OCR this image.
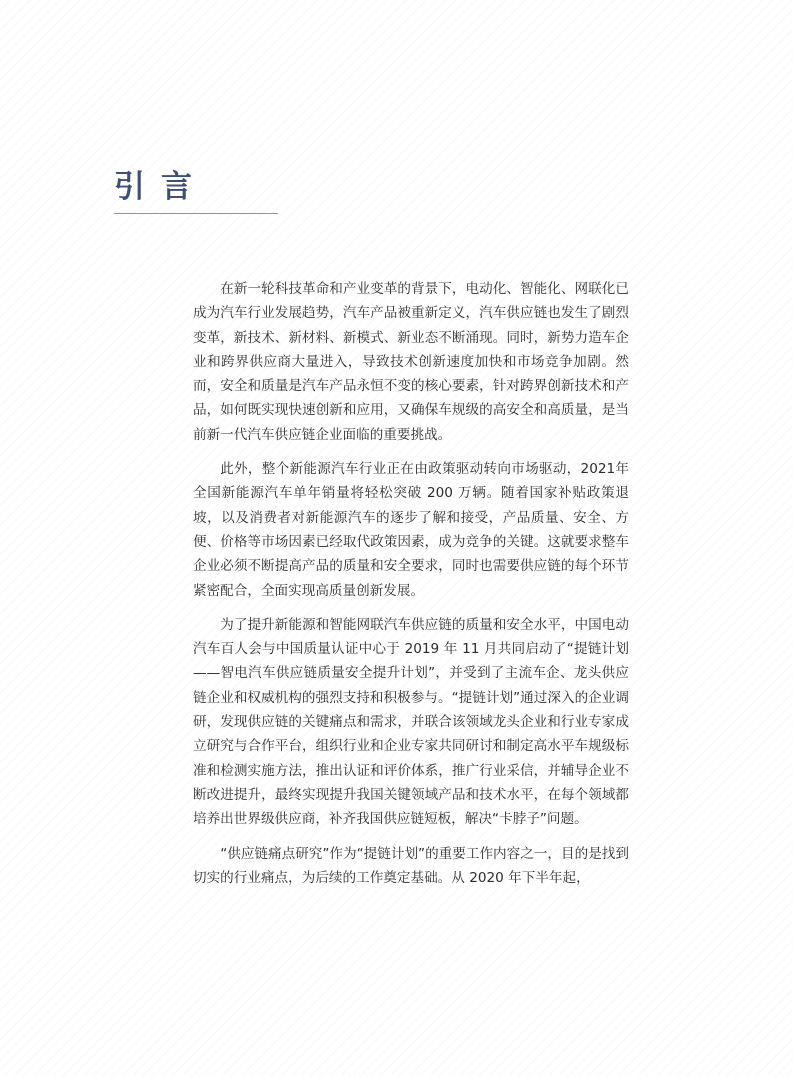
引言

在新一轮科技革命和产业变革的背景下，电动化、智能化、网联化已成为汽车行业发展趋势，汽车产品被重新定义，汽车供应链也发生了剧烈变革，新技术、新材料、新模式、新业态不断涌现。同时，新势力造车企业和跨界供应商大量进入，导致技术创新速度加快和市场竞争加剧。然而，安全和质量是汽车产品永恒不变的核心要素，针对跨界创新技术和产品，如何既实现快速创新和应用，又确保车规级的高安全和高质量，是当前新一代汽车供应链企业面临的重要挑战。

此外，整个新能源汽车行业正在由政策驱动转向市场驱动，2021年全国新能源汽车单年销量将轻松突破 200 万辆。随着国家补贴政策退坡，以及消费者对新能源汽车的逐步了解和接受，产品质量、安全、方便、价格等市场因素已经取代政策因素，成为竞争的关键。这就要求整车企业必须不断提高产品的质量和安全要求，同时也需要供应链的每个环节紧密配合，全面实现高质量创新发展。

为了提升新能源和智能网联汽车供应链的质量和安全水平，中国电动汽车百人会与中国质量认证中心于 2019 年 11 月共同启动了“提链计划——智电汽车供应链质量安全提升计划”，并受到了主流车企、龙头供应链企业和权威机构的强烈支持和积极参与。“提链计划”通过深入的企业调研，发现供应链的关键痛点和需求，并联合该领域龙头企业和行业专家成立研究与合作平台，组织行业和企业专家共同研讨和制定高水平车规级标准和检测实施方法，推出认证和评价体系，推广行业采信，并辅导企业不断改进提升，最终实现提升我国关键领域产品和技术水平，在每个领域都培养出世界级供应商，补齐我国供应链短板，解决“卡脖子”问题。

“供应链痛点研究”作为“提链计划”的重要工作内容之一，目的是找到切实的行业痛点，为后续的工作奠定基础。从 2020 年下半年起，
